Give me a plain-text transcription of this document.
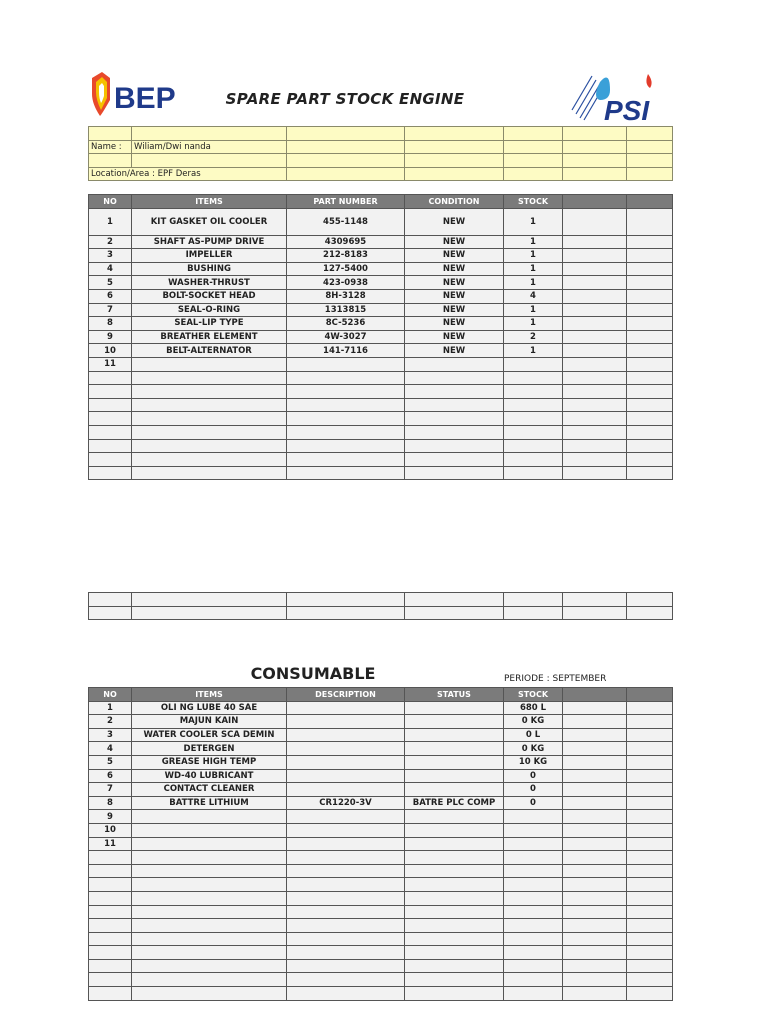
BEP	SPARE PART STOCK ENGINE	PSI

Name :	Wiliam/Dwi nanda					

Location/Area : EPF Deras						
NO	ITEMS	PART NUMBER	CONDITION	STOCK		
1	KIT GASKET OIL COOLER	455-1148	NEW	1		
2	SHAFT AS-PUMP DRIVE	4309695	NEW	1		
3	IMPELLER	212-8183	NEW	1		
4	BUSHING	127-5400	NEW	1		
5	WASHER-THRUST	423-0938	NEW	1		
6	BOLT-SOCKET HEAD	8H-3128	NEW	4		
7	SEAL-O-RING	1313815	NEW	1		
8	SEAL-LIP TYPE	8C-5236	NEW	1		
9	BREATHER ELEMENT	4W-3027	NEW	2		
10	BELT-ALTERNATOR	141-7116	NEW	1		
11						

CONSUMABLE	PERIODE : SEPTEMBER
NO	ITEMS	DESCRIPTION	STATUS	STOCK		
1	OLI NG LUBE 40 SAE			680 L		
2	MAJUN KAIN			0 KG		
3	WATER COOLER SCA DEMIN			0 L		
4	DETERGEN			0 KG		
5	GREASE HIGH TEMP			10 KG		
6	WD-40 LUBRICANT			0		
7	CONTACT CLEANER			0		
8	BATTRE LITHIUM	CR1220-3V	BATRE PLC COMP	0		
9						
10						
11						
